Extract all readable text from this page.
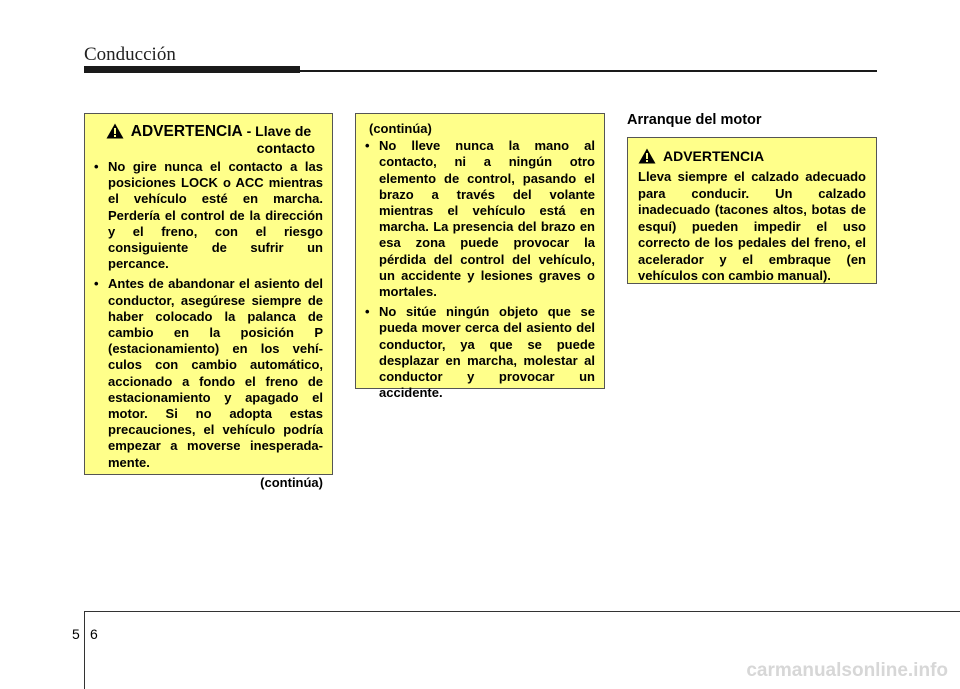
Conducción
ADVERTENCIA - Llave de
contacto
• No gire nunca el contacto a las posiciones LOCK o ACC mientras el vehículo esté en marcha. Perdería el control de la dirección y el freno, con el riesgo consiguiente de sufrir un percance.
• Antes de abandonar el asiento del conductor, asegúrese siempre de haber colocado la palanca de cambio en la posición P (estacionamiento) en los vehí- culos con cambio automático, accionado a fondo el freno de estacionamiento y apagado el motor. Si no adopta estas precauciones, el vehículo podría empezar a moverse inesperada- mente.
(continúa)
(continúa)
• No lleve nunca la mano al contacto, ni a ningún otro elemento de control, pasando el brazo a través del volante mientras el vehículo está en marcha. La presencia del brazo en esa zona puede provocar la pérdida del control del vehículo, un accidente y lesiones graves o mortales.
• No sitúe ningún objeto que se pueda mover cerca del asiento del conductor, ya que se puede desplazar en marcha, molestar al conductor y provocar un accidente.
Arranque del motor
ADVERTENCIA
Lleva siempre el calzado adecuado para conducir. Un calzado inadecuado (tacones altos, botas de esquí) pueden impedir el uso correcto de los pedales del freno, el acelerador y el embraque (en vehículos con cambio manual).
5 6
carmanualsonline.info
